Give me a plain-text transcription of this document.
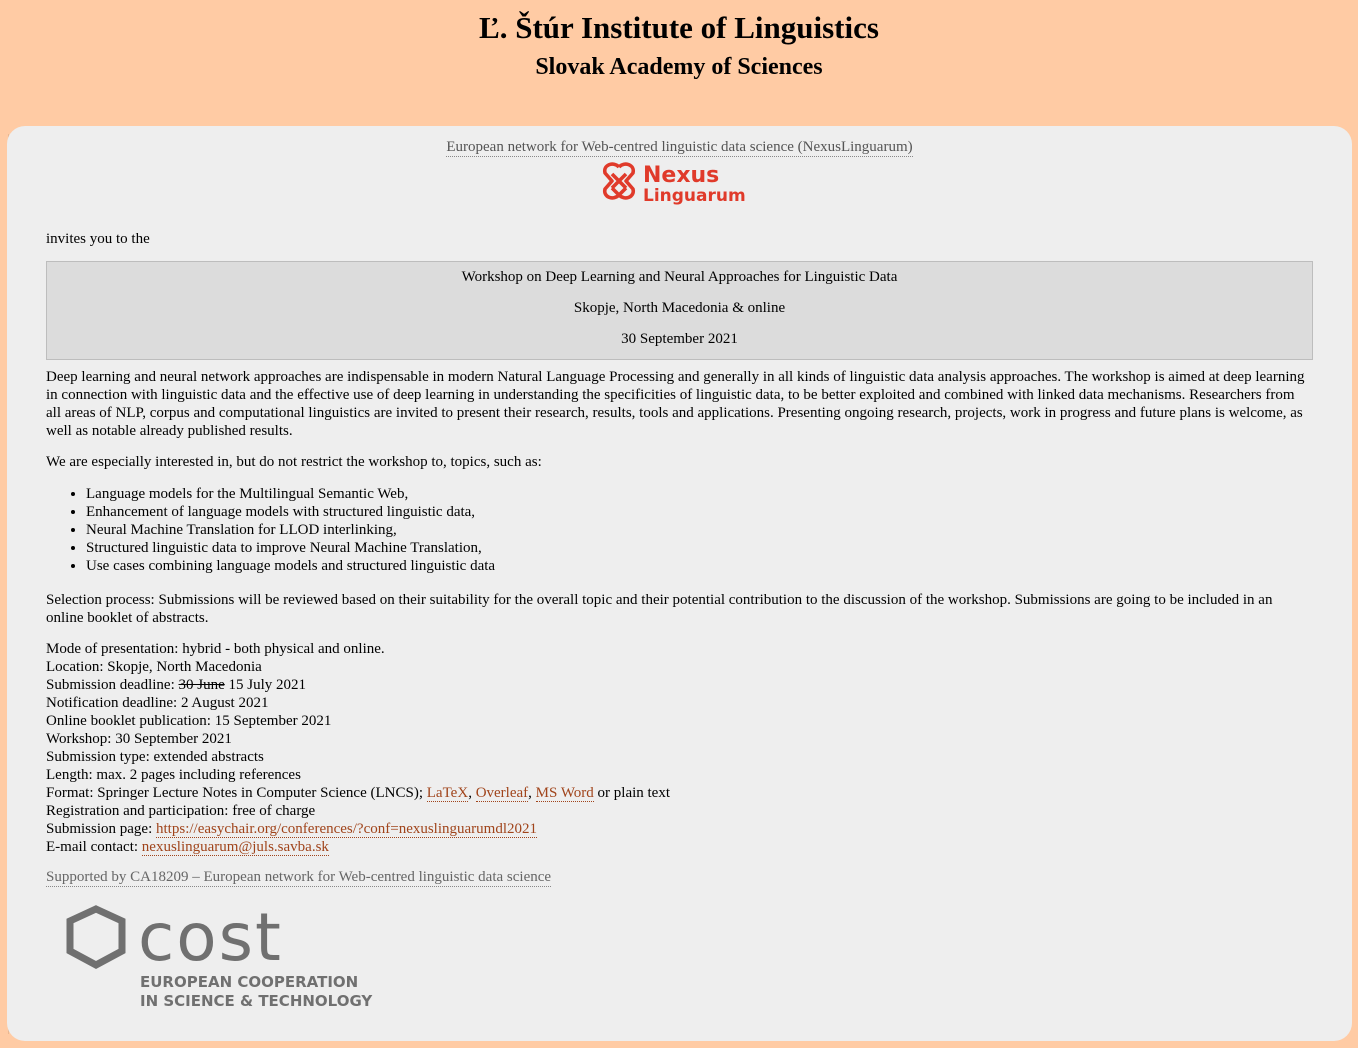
Ľ. Štúr Institute of Linguistics
Slovak Academy of Sciences
European network for Web-centred linguistic data science (NexusLinguarum)
Nexus
Linguarum

invites you to the

Workshop on Deep Learning and Neural Approaches for Linguistic Data
Skopje, North Macedonia & online
30 September 2021

Deep learning and neural network approaches are indispensable in modern Natural Language Processing and generally in all kinds of linguistic data analysis approaches. The workshop is aimed at deep learning in connection with linguistic data and the effective use of deep learning in understanding the specificities of linguistic data, to be better exploited and combined with linked data mechanisms. Researchers from all areas of NLP, corpus and computational linguistics are invited to present their research, results, tools and applications. Presenting ongoing research, projects, work in progress and future plans is welcome, as well as notable already published results.

We are especially interested in, but do not restrict the workshop to, topics, such as:

• Language models for the Multilingual Semantic Web,
• Enhancement of language models with structured linguistic data,
• Neural Machine Translation for LLOD interlinking,
• Structured linguistic data to improve Neural Machine Translation,
• Use cases combining language models and structured linguistic data

Selection process: Submissions will be reviewed based on their suitability for the overall topic and their potential contribution to the discussion of the workshop. Submissions are going to be included in an online booklet of abstracts.

Mode of presentation: hybrid - both physical and online.
Location: Skopje, North Macedonia
Submission deadline: 30 June 15 July 2021
Notification deadline: 2 August 2021
Online booklet publication: 15 September 2021
Workshop: 30 September 2021
Submission type: extended abstracts
Length: max. 2 pages including references
Format: Springer Lecture Notes in Computer Science (LNCS); LaTeX, Overleaf, MS Word or plain text
Registration and participation: free of charge
Submission page: https://easychair.org/conferences/?conf=nexuslinguarumdl2021
E-mail contact: nexuslinguarum@juls.savba.sk
Supported by CA18209 – European network for Web-centred linguistic data science
cost
EUROPEAN COOPERATION
IN SCIENCE & TECHNOLOGY
